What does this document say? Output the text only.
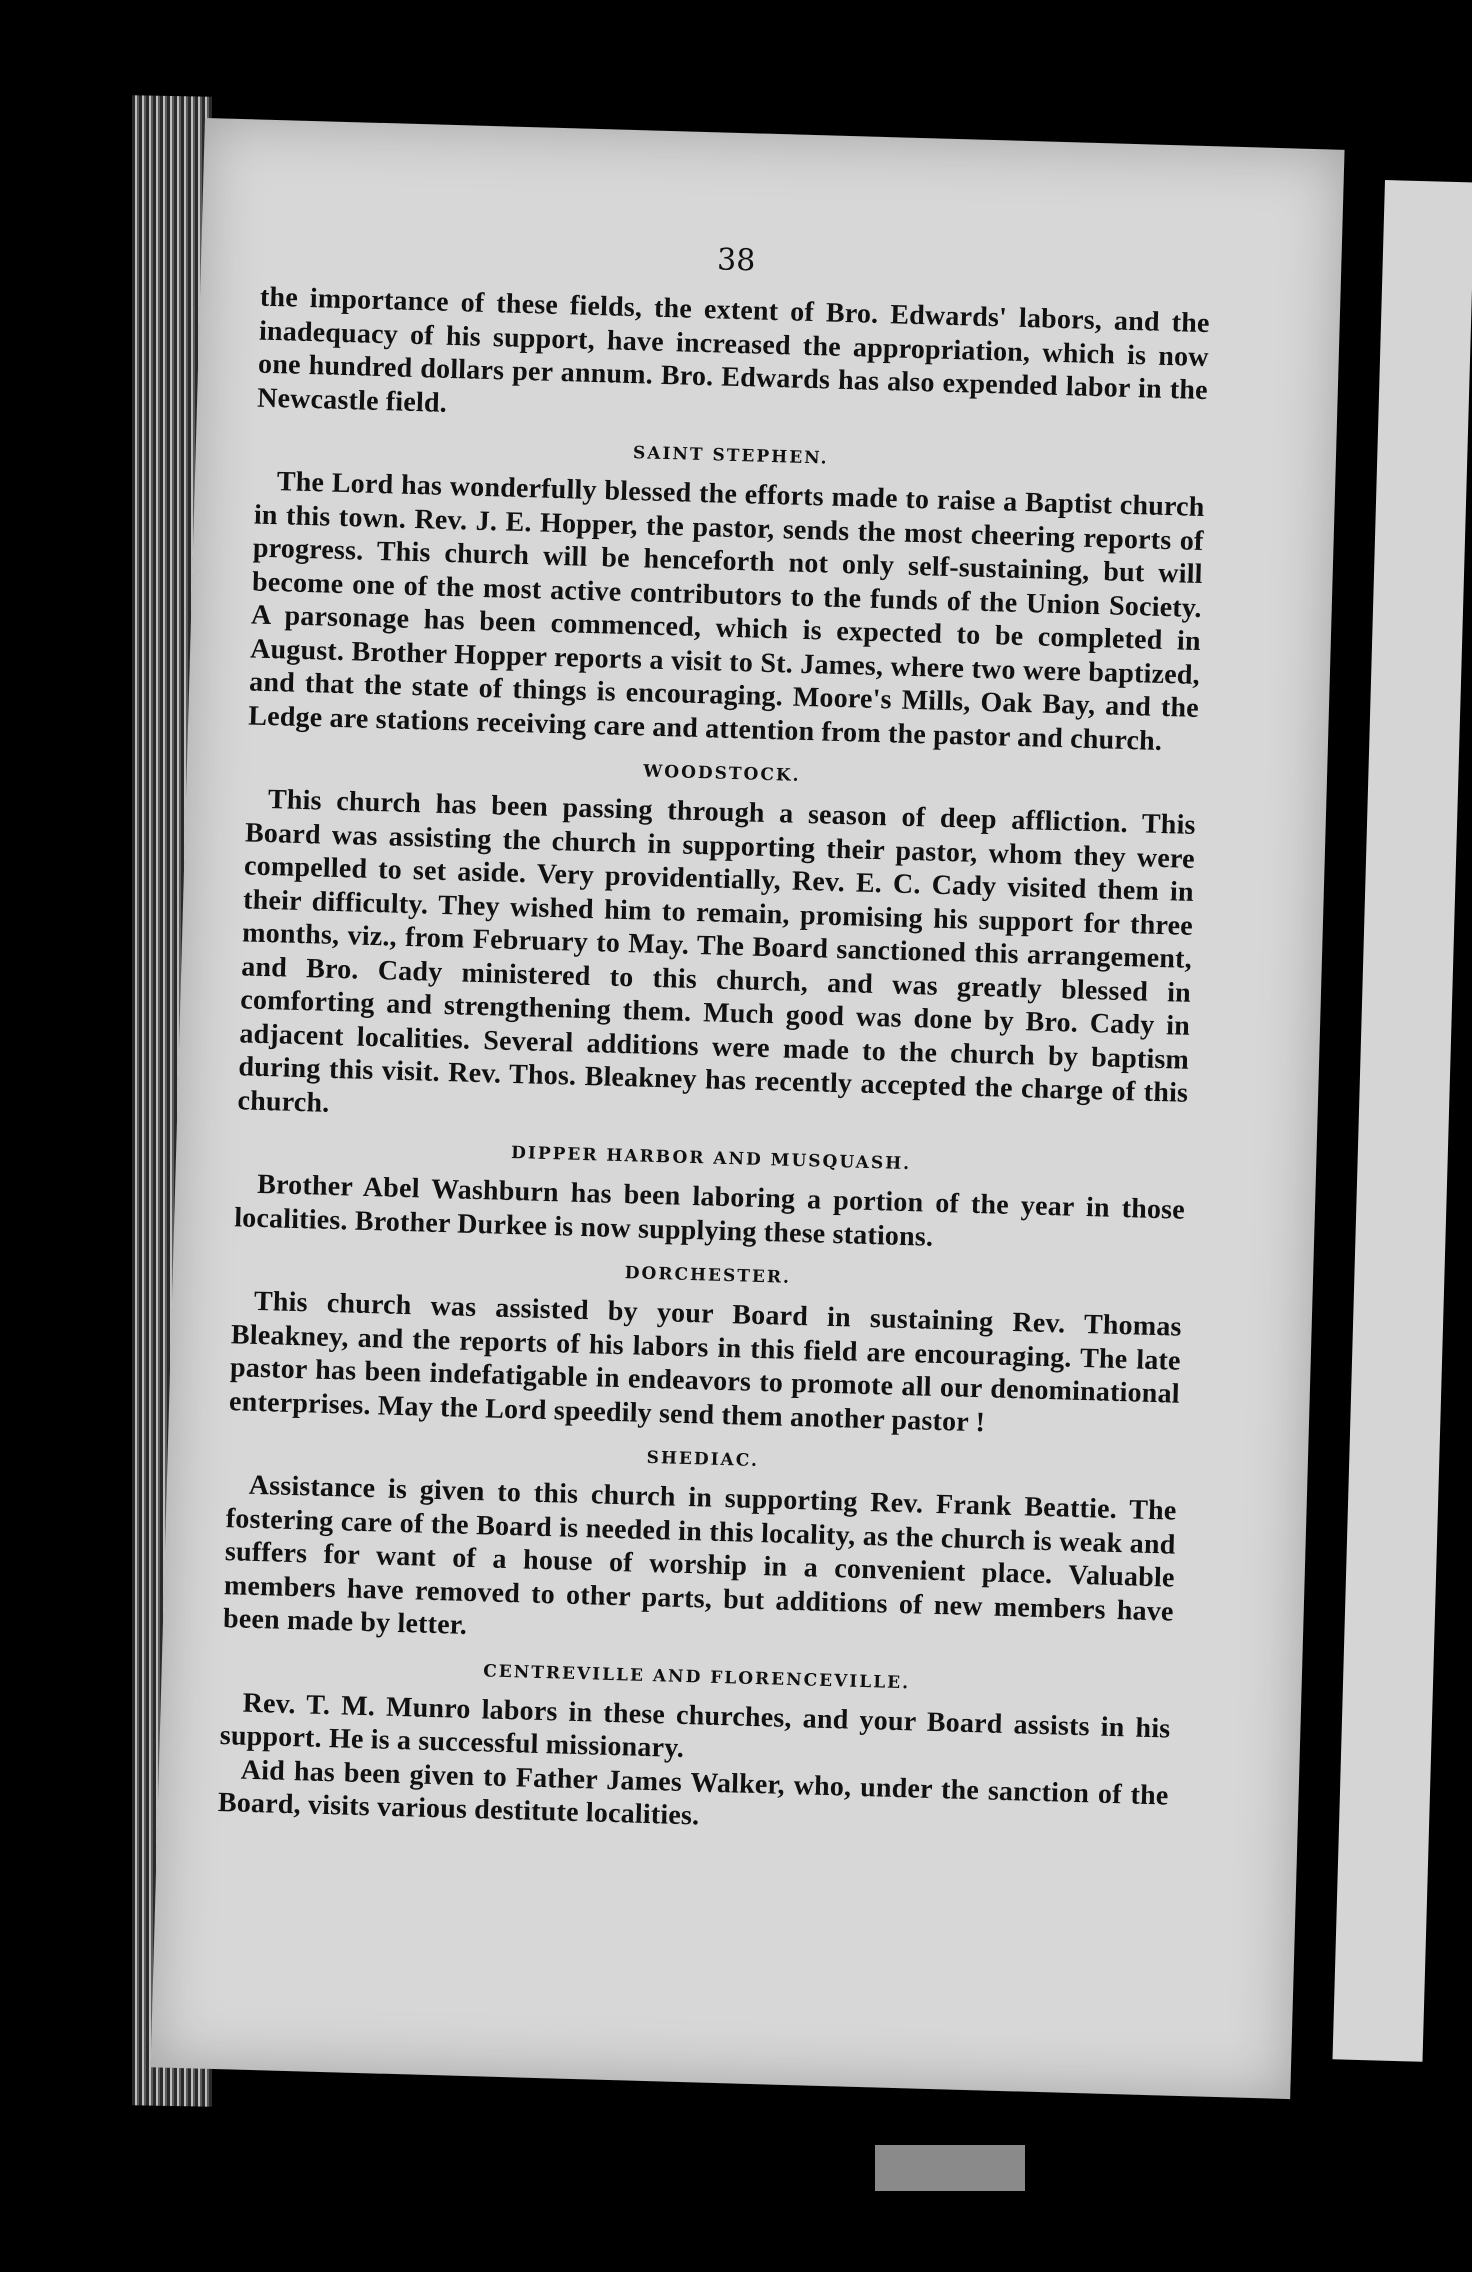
38

the importance of these fields, the extent of Bro. Edwards' labors, and the inadequacy of his support, have increased the appropriation, which is now one hundred dollars per annum. Bro. Edwards has also expended labor in the Newcastle field.

SAINT STEPHEN.

The Lord has wonderfully blessed the efforts made to raise a Baptist church in this town. Rev. J. E. Hopper, the pastor, sends the most cheering reports of progress. This church will be henceforth not only self-sustaining, but will become one of the most active contributors to the funds of the Union Society. A parsonage has been commenced, which is expected to be completed in August. Brother Hopper reports a visit to St. James, where two were baptized, and that the state of things is encouraging. Moore's Mills, Oak Bay, and the Ledge are stations receiving care and attention from the pastor and church.

WOODSTOCK.

This church has been passing through a season of deep affliction. This Board was assisting the church in supporting their pastor, whom they were compelled to set aside. Very providentially, Rev. E. C. Cady visited them in their difficulty. They wished him to remain, promising his support for three months, viz., from February to May. The Board sanctioned this arrangement, and Bro. Cady ministered to this church, and was greatly blessed in comforting and strengthening them. Much good was done by Bro. Cady in adjacent localities. Several additions were made to the church by baptism during this visit. Rev. Thos. Bleakney has recently accepted the charge of this church.

DIPPER HARBOR AND MUSQUASH.

Brother Abel Washburn has been laboring a portion of the year in those localities. Brother Durkee is now supplying these stations.

DORCHESTER.

This church was assisted by your Board in sustaining Rev. Thomas Bleakney, and the reports of his labors in this field are encouraging. The late pastor has been indefatigable in endeavors to promote all our denominational enterprises. May the Lord speedily send them another pastor !

SHEDIAC.

Assistance is given to this church in supporting Rev. Frank Beattie. The fostering care of the Board is needed in this locality, as the church is weak and suffers for want of a house of worship in a convenient place. Valuable members have removed to other parts, but additions of new members have been made by letter.

CENTREVILLE AND FLORENCEVILLE.

Rev. T. M. Munro labors in these churches, and your Board assists in his support. He is a successful missionary.

Aid has been given to Father James Walker, who, under the sanction of the Board, visits various destitute localities.
